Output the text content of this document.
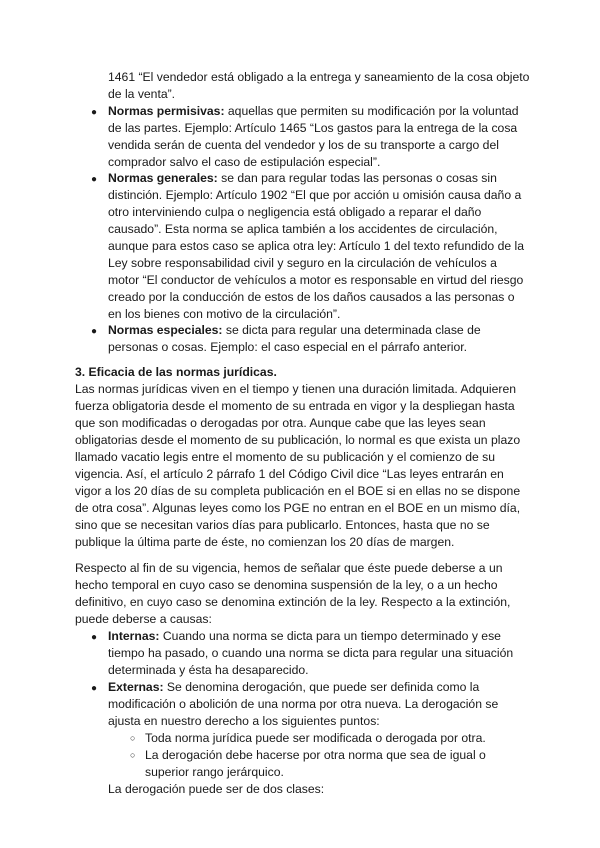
1461 “El vendedor está obligado a la entrega y saneamiento de la cosa objeto
de la venta”.
● Normas permisivas: aquellas que permiten su modificación por la voluntad
de las partes. Ejemplo: Artículo 1465 “Los gastos para la entrega de la cosa
vendida serán de cuenta del vendedor y los de su transporte a cargo del
comprador salvo el caso de estipulación especial”.
● Normas generales: se dan para regular todas las personas o cosas sin
distinción. Ejemplo: Artículo 1902 “El que por acción u omisión causa daño a
otro interviniendo culpa o negligencia está obligado a reparar el daño
causado”. Esta norma se aplica también a los accidentes de circulación,
aunque para estos caso se aplica otra ley: Artículo 1 del texto refundido de la
Ley sobre responsabilidad civil y seguro en la circulación de vehículos a
motor “El conductor de vehículos a motor es responsable en virtud del riesgo
creado por la conducción de estos de los daños causados a las personas o
en los bienes con motivo de la circulación”.
● Normas especiales: se dicta para regular una determinada clase de
personas o cosas. Ejemplo: el caso especial en el párrafo anterior.
3. Eficacia de las normas jurídicas.
Las normas jurídicas viven en el tiempo y tienen una duración limitada. Adquieren
fuerza obligatoria desde el momento de su entrada en vigor y la despliegan hasta
que son modificadas o derogadas por otra. Aunque cabe que las leyes sean
obligatorias desde el momento de su publicación, lo normal es que exista un plazo
llamado vacatio legis entre el momento de su publicación y el comienzo de su
vigencia. Así, el artículo 2 párrafo 1 del Código Civil dice “Las leyes entrarán en
vigor a los 20 días de su completa publicación en el BOE si en ellas no se dispone
de otra cosa”. Algunas leyes como los PGE no entran en el BOE en un mismo día,
sino que se necesitan varios días para publicarlo. Entonces, hasta que no se
publique la última parte de éste, no comienzan los 20 días de margen.
Respecto al fin de su vigencia, hemos de señalar que éste puede deberse a un
hecho temporal en cuyo caso se denomina suspensión de la ley, o a un hecho
definitivo, en cuyo caso se denomina extinción de la ley. Respecto a la extinción,
puede deberse a causas:
● Internas: Cuando una norma se dicta para un tiempo determinado y ese
tiempo ha pasado, o cuando una norma se dicta para regular una situación
determinada y ésta ha desaparecido.
● Externas: Se denomina derogación, que puede ser definida como la
modificación o abolición de una norma por otra nueva. La derogación se
ajusta en nuestro derecho a los siguientes puntos:
○ Toda norma jurídica puede ser modificada o derogada por otra.
○ La derogación debe hacerse por otra norma que sea de igual o
superior rango jerárquico.
La derogación puede ser de dos clases:
